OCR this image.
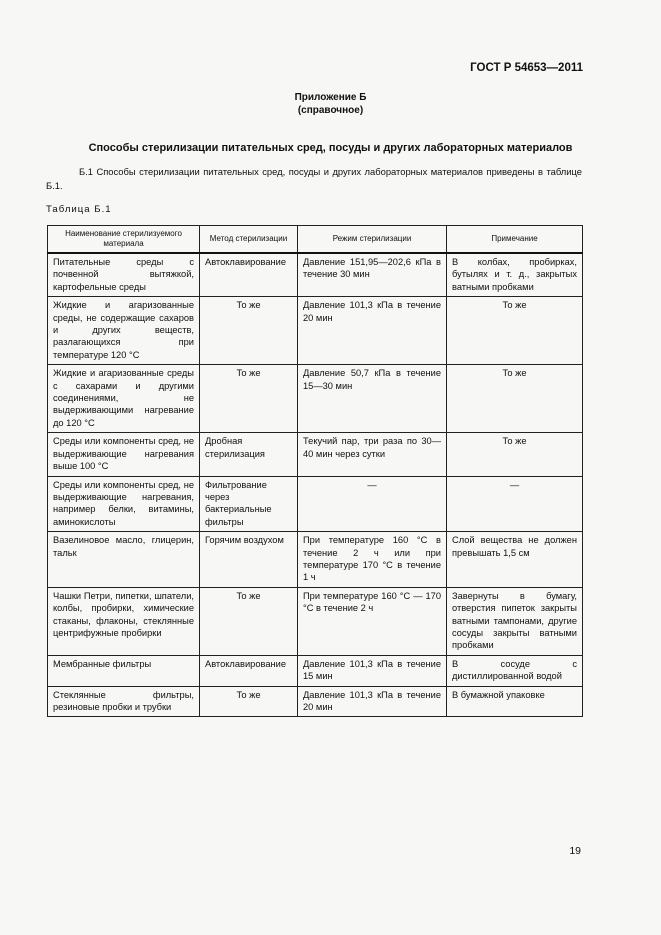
ГОСТ Р 54653—2011
Приложение Б
(справочное)
Способы стерилизации питательных сред, посуды и других лабораторных материалов
Б.1 Способы стерилизации питательных сред, посуды и других лабораторных материалов приведены в таблице Б.1.
Таблица Б.1
Наименование стерилизуемого материала	Метод стерилизации	Режим стерилизации	Примечание
Питательные среды с почвенной вытяжкой, картофельные среды	Автоклавирование	Давление 151,95—202,6 кПа в течение 30 мин	В колбах, пробирках, бутылях и т. д., закрытых ватными пробками
Жидкие и агаризованные среды, не содержащие сахаров и других веществ, разлагающихся при температуре 120 °С	То же	Давление 101,3 кПа в течение 20 мин	То же
Жидкие и агаризованные среды с сахарами и другими соединениями, не выдерживающими нагревание до 120 °С	То же	Давление 50,7 кПа в течение 15—30 мин	То же
Среды или компоненты сред, не выдерживающие нагревания выше 100 °С	Дробная стерилизация	Текучий пар, три раза по 30—40 мин через сутки	То же
Среды или компоненты сред, не выдерживающие нагревания, например белки, витамины, аминокислоты	Фильтрование через бактериальные фильтры	—	—
Вазелиновое масло, глицерин, тальк	Горячим воздухом	При температуре 160 °С в течение 2 ч или при температуре 170 °С в течение 1 ч	Слой вещества не должен превышать 1,5 см
Чашки Петри, пипетки, шпатели, колбы, пробирки, химические стаканы, флаконы, стеклянные центрифужные пробирки	То же	При температуре 160 °С — 170 °С в течение 2 ч	Завернуты в бумагу, отверстия пипеток закрыты ватными тампонами, другие сосуды закрыты ватными пробками
Мембранные фильтры	Автоклавирование	Давление 101,3 кПа в течение 15 мин	В сосуде с дистиллированной водой
Стеклянные фильтры, резиновые пробки и трубки	То же	Давление 101,3 кПа в течение 20 мин	В бумажной упаковке
19
